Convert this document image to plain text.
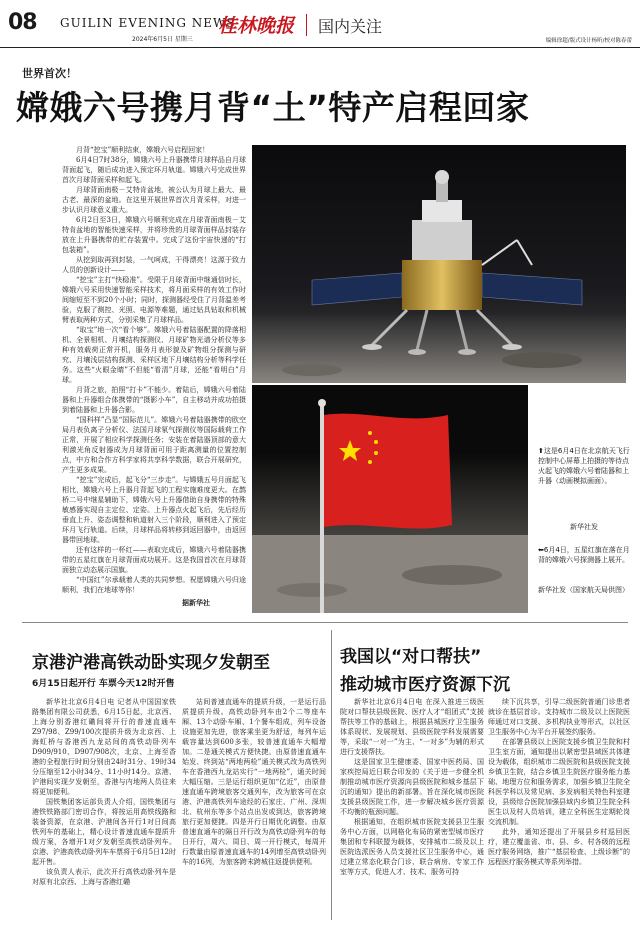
08 GUILIN EVENING NEWS
2024年6月5日 星期三
桂林晚报 国内关注
编辑徐超/版式设计杨昕/校对陈春蕾
世界首次！
嫦娥六号携月背“土”特产启程回家

月背“挖宝”顺利结束，嫦娥六号启程回家！

6月4日7时38分，嫦娥六号上升器携带月球样品自月球背面起飞，随后成功进入预定环月轨道。嫦娥六号完成世界首次月球背面采样和起飞。

月球背面南极－艾特肯盆地，被公认为月球上最大、最古老、最深的盆地。在这里开展世界首次月背采样，对进一步认识月球意义重大。

6月2日至3日，嫦娥六号顺利完成在月球背面南极－艾特肯盆地的智能快速采样，并将珍贵的月球背面样品封装存放在上升器携带的贮存装置中。完成了这份宇宙快递的“打包装箱”。

从挖到取再到封装，一气呵成，干得漂亮！这源于致力人员的创新设计——

“挖宝”主打“快稳准”。受限于月球背面中继通信时长，嫦娥六号采用快速智能采样技术，将月面采样的有效工作时间缩短至不到20个小时；同时，探测器经受住了月背温差考验，克服了测控、光照、电源等难题，通过钻具钻取和机械臂表取两种方式，分别采集了月球样品。

“取宝”地一次“看个够”。嫦娥六号着陆器配置的降落相机、全景相机、月壤结构探测仪、月球矿物光谱分析仪等多种有效载荷正常开机，服务月表形貌及矿物组分探测与研究、月壤浅层结构探测、采样区地下月壤结构分析等科学任务。这些“火眼金睛”不但能“看清”月球，还能“看明白”月球。

月背之旅，拍照“打卡”不能少。着陆后，嫦娥六号着陆器和上升器组合体携带的“摄影小车”，自主移动并成功拍摄到着陆器和上升器合影。

“国科样”凸显“国际范儿”。嫦娥六号着陆器携带的欧空局月表负离子分析仪、法国月球氡气探测仪等国际载荷工作正常，开展了相应科学探测任务；安装在着陆器顶部的意大利激光角反射器成为月球背面可用于距离测量的位置控制点，中方和合作方科学家将共享科学数据，联合开展研究，产生更多成果。

“挖宝”完成后，起飞分“三步走”。与嫦娥五号月面起飞相比，嫦娥六号上升器月背起飞的工程实施难度更大。在鹊桥二号中继星辅助下，嫦娥六号上升器借助自身携带的特殊敏感器实现自主定位、定姿。上升器点火起飞后，先后经历垂直上升、姿态调整和轨道射入三个阶段，顺利进入了预定环月飞行轨道。后续，月球样品将转移到返回器中，由返回器带回地球。

还有这样的一杯红——表取完成后，嫦娥六号着陆器携带的五星红旗在月球背面成功展开。这是我国首次在月球背面独立动态展示国旗。

“中国红”尔承载着人类的共同梦想。祝愿嫦娥六号归途顺利，我们在地球等你！

据新华社
⬆这是6月4日在北京航天飞行控制中心屏幕上拍摄的等待点火起飞的嫦娥六号着陆器和上升器（动画模拟画面）。
新华社发
⬅6月4日，五星红旗在落在月背的嫦娥六号探测器上展开。
新华社发（国家航天局供图）
京港沪港高铁动卧实现夕发朝至
6月15日起开行 车票今天12时开售

新华社北京6月4日电 记者从中国国家铁路集团有限公司获悉，6月15日起，北京西、上海分别香港红磡间将开行的普速直通车Z97/98、Z99/100次提质升级为北京西、上海虹桥与香港西九龙站间的高铁动卧列车D909/910、D907/908次，北京、上海至香港的全程旅行时间分别由24时31分、19时34分压缩至12小时34分、11小时14分。京港、沪港间实现夕发朝至，香港与内地两人员往来将更加便利。

国铁集团客运部负责人介绍，国铁集团与港铁铁路部门密切合作，将按运用高铁线路和装备资源，在京港、沪港间各开行1对日间高铁列车的基础上，精心设计普速直通车提质升级方案，各增开1对夕发朝至高铁动卧列车。京港、沪港高铁动卧列车车票将于6月5日12时起开售。

该负责人表示，此次开行高铁动卧列车是对原有北京西、上海与香港红磡

站间普速直通车的提质升级，一是运行品质提质升级。高铁动卧列车由2个二等座车厢、13个动卧车厢、1个餐车组成，列车设备设施更加先进，旅客乘坐更为舒适，每列车运载容量达到600多张，较普速直通车大幅增加。二是通关模式方便快捷。由原普速直通车始发、终到站“两地两检”通关模式改为高铁列车在香港西九龙站实行“一地两检”，通关时间大幅压缩。三是运行组织更加“亿近”，由原普速直通车跨境旅客交通列车，改为旅客可在京港、沪港高铁列车途经的石家庄、广州、深圳北、杭州东等多个站点出发或到达，旅客跨境旅行更加便捷。四是开行日期优化调整。由原普速直通车的隔日开行改为高铁动卧列车的每日开行，周六、周日、周一开行模式，每周开行数量由原普速直通车的14列增至高铁动卧列车的16列，为旅客跨末跨城往返提供便利。

我国以“对口帮扶”
推动城市医疗资源下沉

新华社北京6月4日电 在深入推进三级医院对口帮扶县级医院、医疗人才“组团式”支援帮扶等工作的基础上，根据县城医疗卫生服务体系现状、发展规划、县级医院学科发展需要等，采取“一对一”为主、“一对多”为辅的形式进行支援帮扶。

这是国家卫生健康委、国家中医药局、国家疾控局近日联合印发的《关于进一步健全机制推动城市医疗资源向县级医院和城乡基层下沉的通知》提出的新部署。旨在深化城市医院支援县级医院工作，进一步解决城乡医疗资源不均衡的瓶颈问题。

根据通知，在组织城市医院支援县卫生服务中心方面，以网格化布局的紧密型城市医疗集团和专科联盟为载体，安排城市二级及以上医院选派医务人员支援社区卫生服务中心，通过建立常态化联合门诊、联合病房、专家工作室等方式，促进人才、技术、服务可持

续下沉共享，引导二级医院普通门诊患者就诊在基层首诊。支持城市二级及以上医院医师通过对口支援、多机构执业等形式，以社区卫生服务中心为平台开展签约服务。

在部署县级以上医院支援乡镇卫生院和村卫生室方面，通知提出以紧密型县域医共体建设为载体，组织城市二级医院和县级医院支援乡镇卫生院，结合乡镇卫生院医疗服务能力基础、地理方位和服务需求，加强乡镇卫生院全科医学科以及常见病、多发病相关特色科室建设，县级综合医院加强县域内乡镇卫生院全科医生以及村人员培训，建立全科医生定期轮岗交流机制。

此外，通知还提出了开展县乡村巡回医疗，建立覆盖省、市、县、乡、村各级的远程医疗服务网络，推广“基层检查、上级诊断”的远程医疗服务模式等系列举措。
